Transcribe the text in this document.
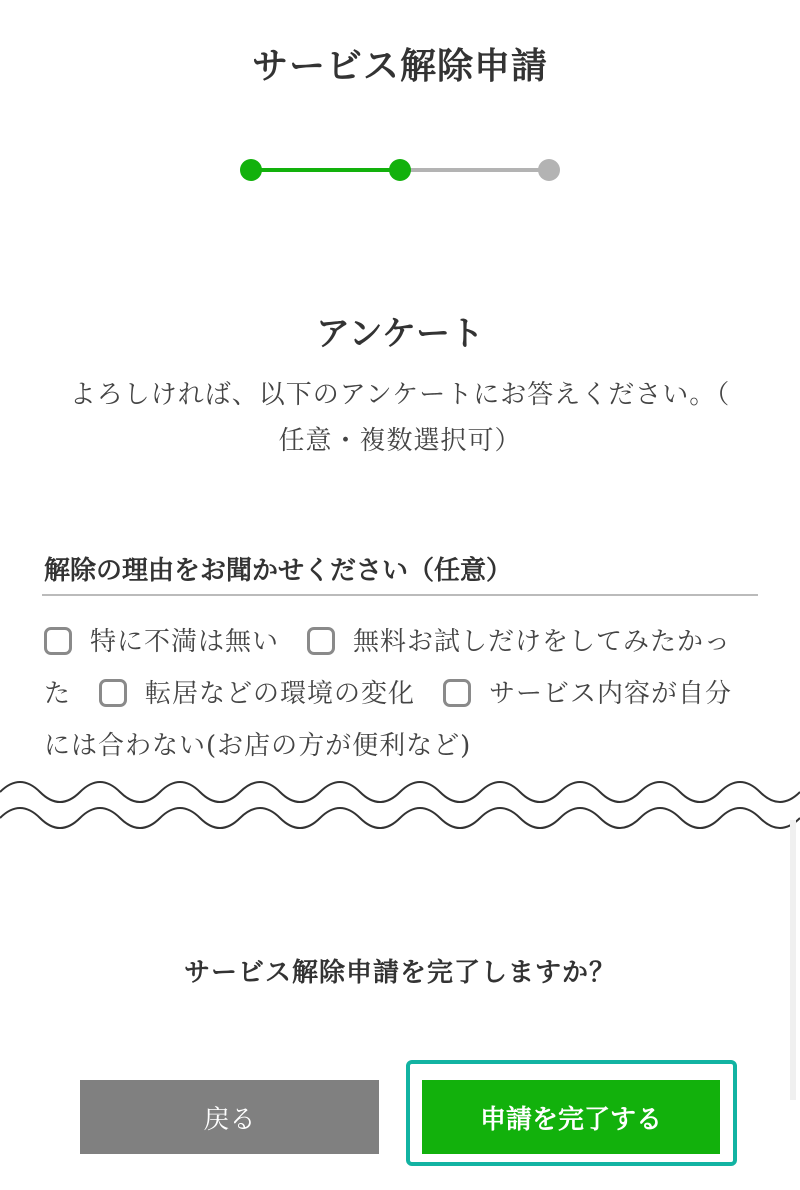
サービス解除申請
アンケート
よろしければ、以下のアンケートにお答えください。（
任意・複数選択可）
解除の理由をお聞かせください（任意）
特に不満は無い	無料お試しだけをしてみたかった	転居などの環境の変化	サービス内容が自分には合わない(お店の方が便利など)
サービス解除申請を完了しますか？
戻る	申請を完了する
